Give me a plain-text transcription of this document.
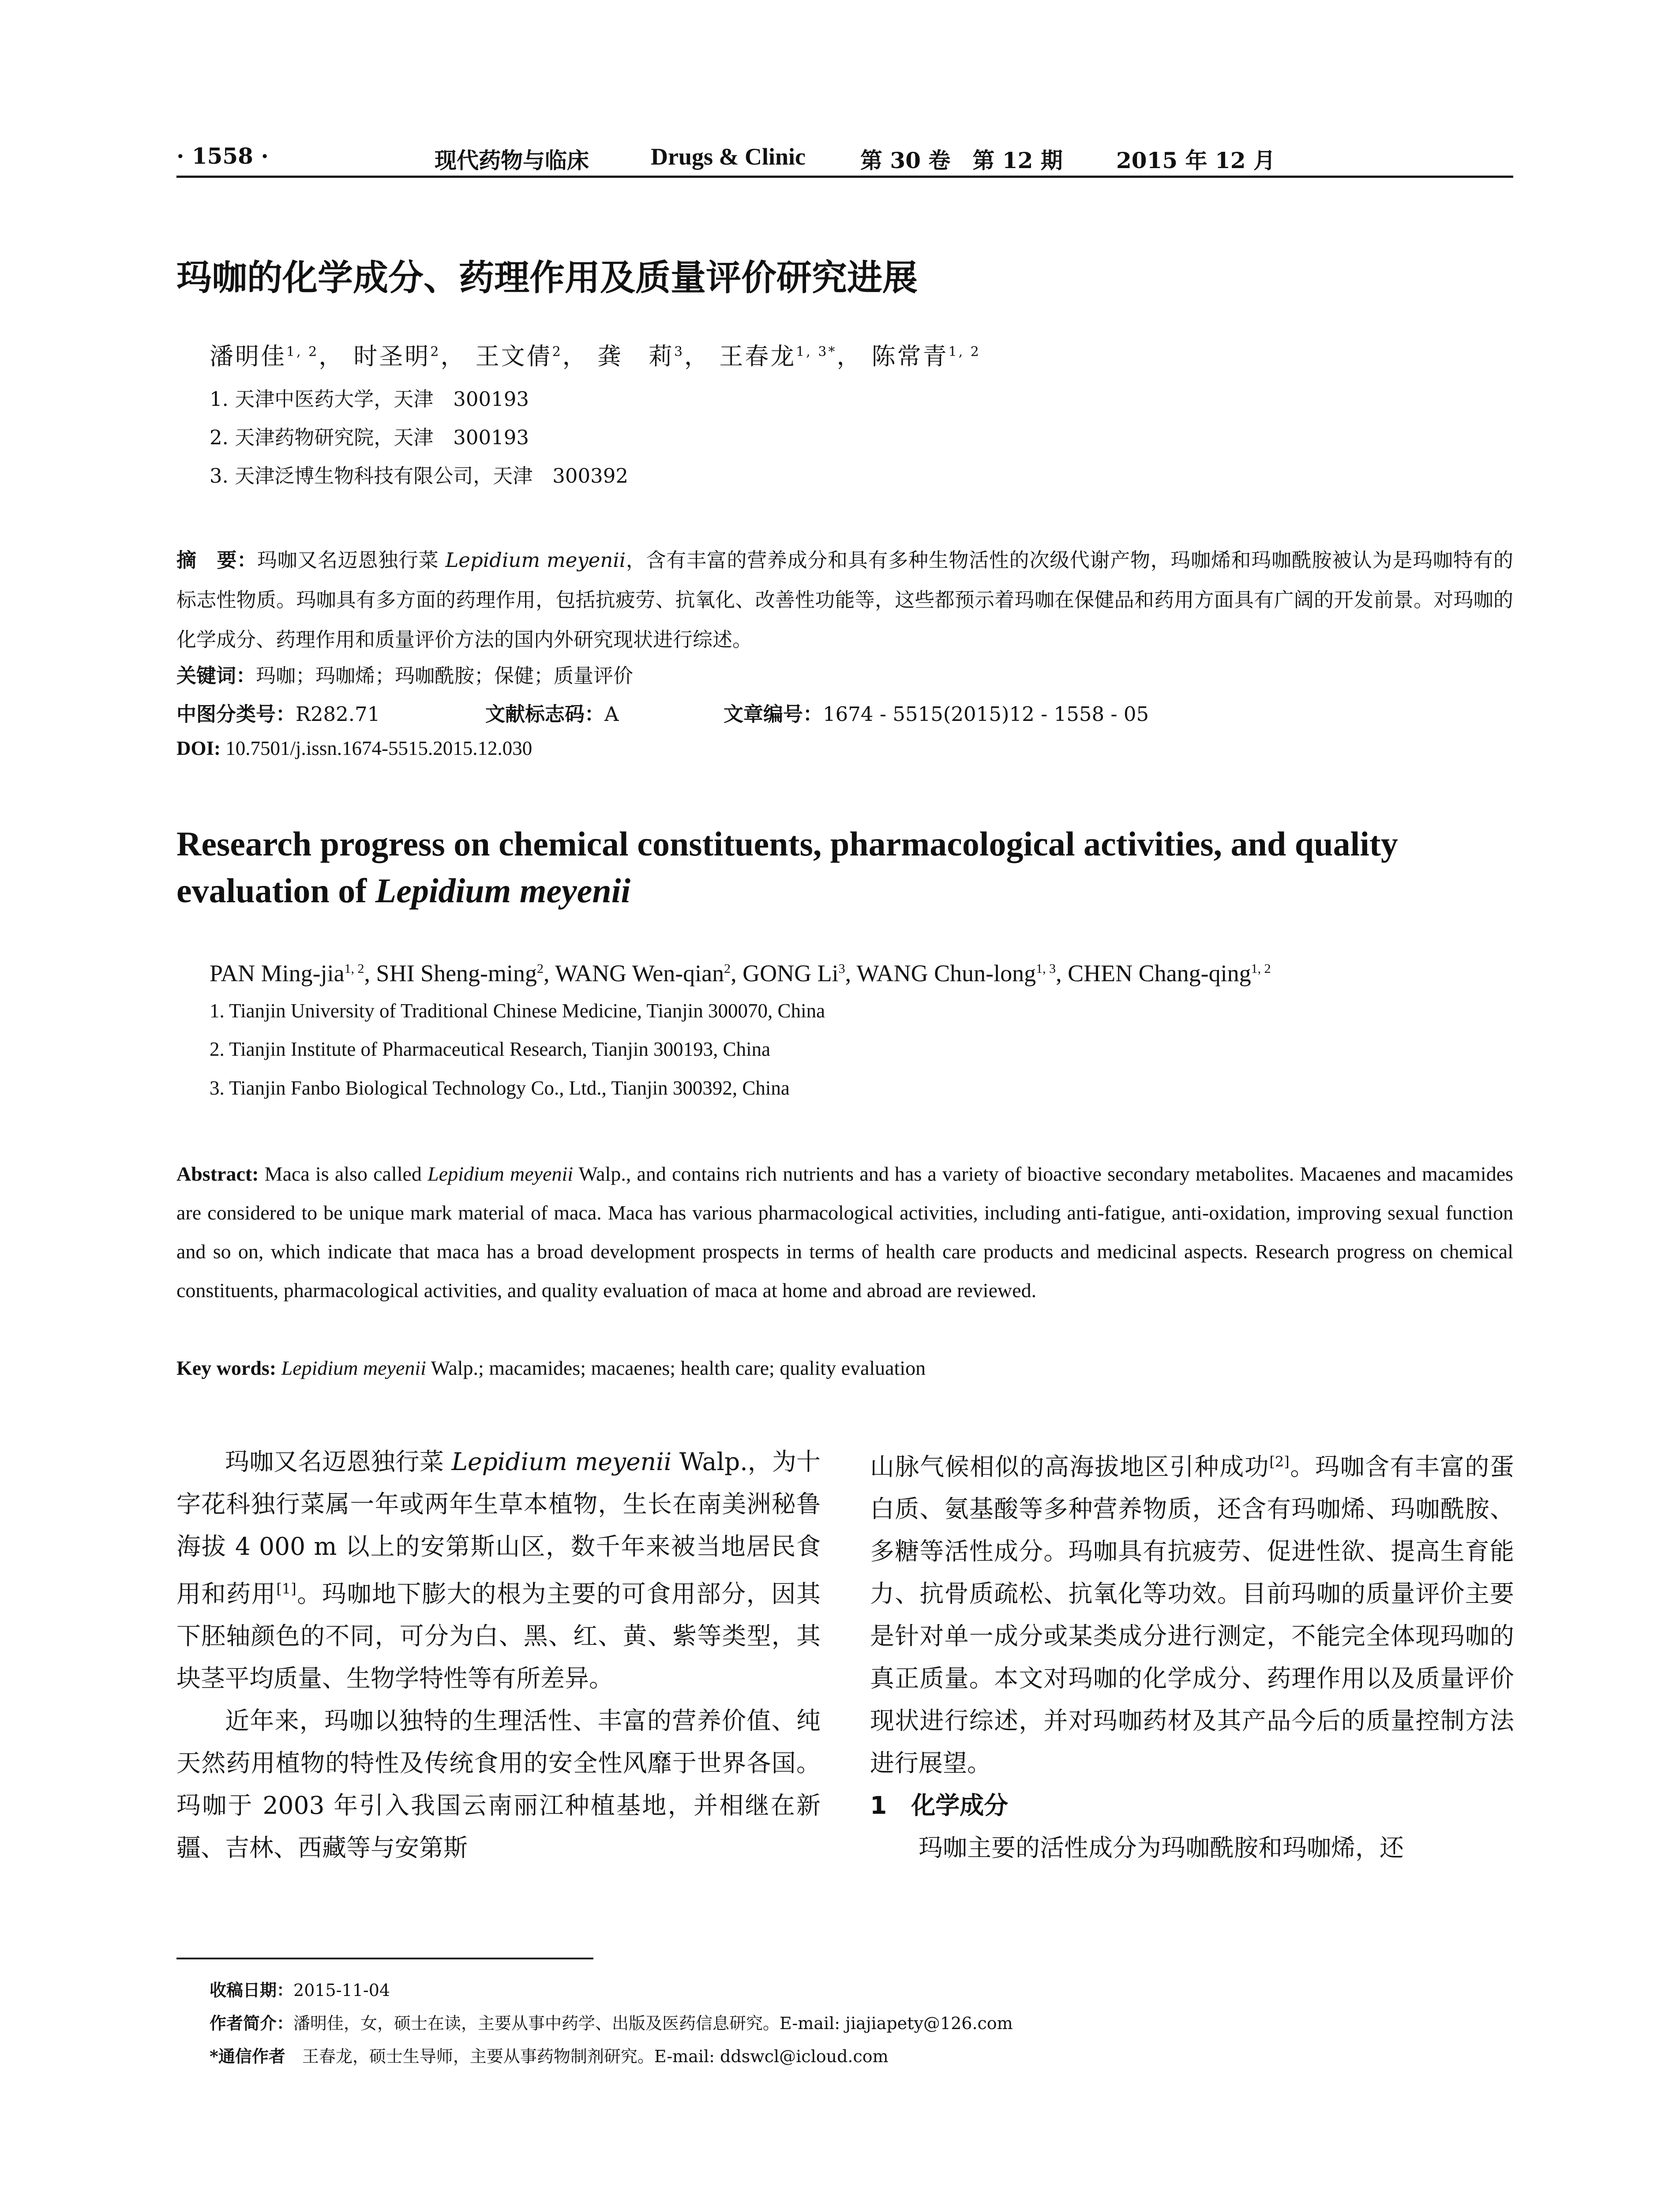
· 1558 ·	现代药物与临床	Drugs & Clinic 第 30 卷　第 12 期 2015 年 12 月
玛咖的化学成分、药理作用及质量评价研究进展
潘明佳$^{1, 2}$， 时圣明$^2$， 王文倩$^2$， 龚　莉$^3$， 王春龙$^{1, 3*}$， 陈常青$^{1, 2}$
1. 天津中医药大学，天津　300193
2. 天津药物研究院，天津　300193
3. 天津泛博生物科技有限公司，天津　300392
摘　要：玛咖又名迈恩独行菜 Lepidium meyenii，含有丰富的营养成分和具有多种生物活性的次级代谢产物，玛咖烯和玛咖酰胺被认为是玛咖特有的标志性物质。玛咖具有多方面的药理作用，包括抗疲劳、抗氧化、改善性功能等，这些都预示着玛咖在保健品和药用方面具有广阔的开发前景。对玛咖的化学成分、药理作用和质量评价方法的国内外研究现状进行综述。
关键词：玛咖；玛咖烯；玛咖酰胺；保健；质量评价
中图分类号：R282.71	文献标志码：A	文章编号：1674 - 5515(2015)12 - 1558 - 05
DOI: 10.7501/j.issn.1674-5515.2015.12.030
Research progress on chemical constituents, pharmacological activities, and quality
evaluation of Lepidium meyenii
PAN Ming-jia$^{1, 2}$, SHI Sheng-ming$^2$, WANG Wen-qian$^2$, GONG Li$^3$, WANG Chun-long$^{1, 3}$, CHEN Chang-qing$^{1, 2}$
1. Tianjin University of Traditional Chinese Medicine, Tianjin 300070, China
2. Tianjin Institute of Pharmaceutical Research, Tianjin 300193, China
3. Tianjin Fanbo Biological Technology Co., Ltd., Tianjin 300392, China
Abstract: Maca is also called Lepidium meyenii Walp., and contains rich nutrients and has a variety of bioactive secondary metabolites. Macaenes and macamides are considered to be unique mark material of maca. Maca has various pharmacological activities, including anti-fatigue, anti-oxidation, improving sexual function and so on, which indicate that maca has a broad development prospects in terms of health care products and medicinal aspects. Research progress on chemical constituents, pharmacological activities, and quality evaluation of maca at home and abroad are reviewed.
Key words: Lepidium meyenii Walp.; macamides; macaenes; health care; quality evaluation

玛咖又名迈恩独行菜 Lepidium meyenii Walp.，为十字花科独行菜属一年或两年生草本植物，生长在南美洲秘鲁海拔 4 000 m 以上的安第斯山区，数千年来被当地居民食用和药用[1]。玛咖地下膨大的根为主要的可食用部分，因其下胚轴颜色的不同，可分为白、黑、红、黄、紫等类型，其块茎平均质量、生物学特性等有所差异。

近年来，玛咖以独特的生理活性、丰富的营养价值、纯天然药用植物的特性及传统食用的安全性风靡于世界各国。玛咖于 2003 年引入我国云南丽江种植基地，并相继在新疆、吉林、西藏等与安第斯

山脉气候相似的高海拔地区引种成功[2]。玛咖含有丰富的蛋白质、氨基酸等多种营养物质，还含有玛咖烯、玛咖酰胺、多糖等活性成分。玛咖具有抗疲劳、促进性欲、提高生育能力、抗骨质疏松、抗氧化等功效。目前玛咖的质量评价主要是针对单一成分或某类成分进行测定，不能完全体现玛咖的真正质量。本文对玛咖的化学成分、药理作用以及质量评价现状进行综述，并对玛咖药材及其产品今后的质量控制方法进行展望。

1　化学成分

玛咖主要的活性成分为玛咖酰胺和玛咖烯，还

收稿日期：2015-11-04
作者简介：潘明佳，女，硕士在读，主要从事中药学、出版及医药信息研究。E-mail: jiajiapety@126.com
*通信作者　王春龙，硕士生导师，主要从事药物制剂研究。E-mail: ddswcl@icloud.com
